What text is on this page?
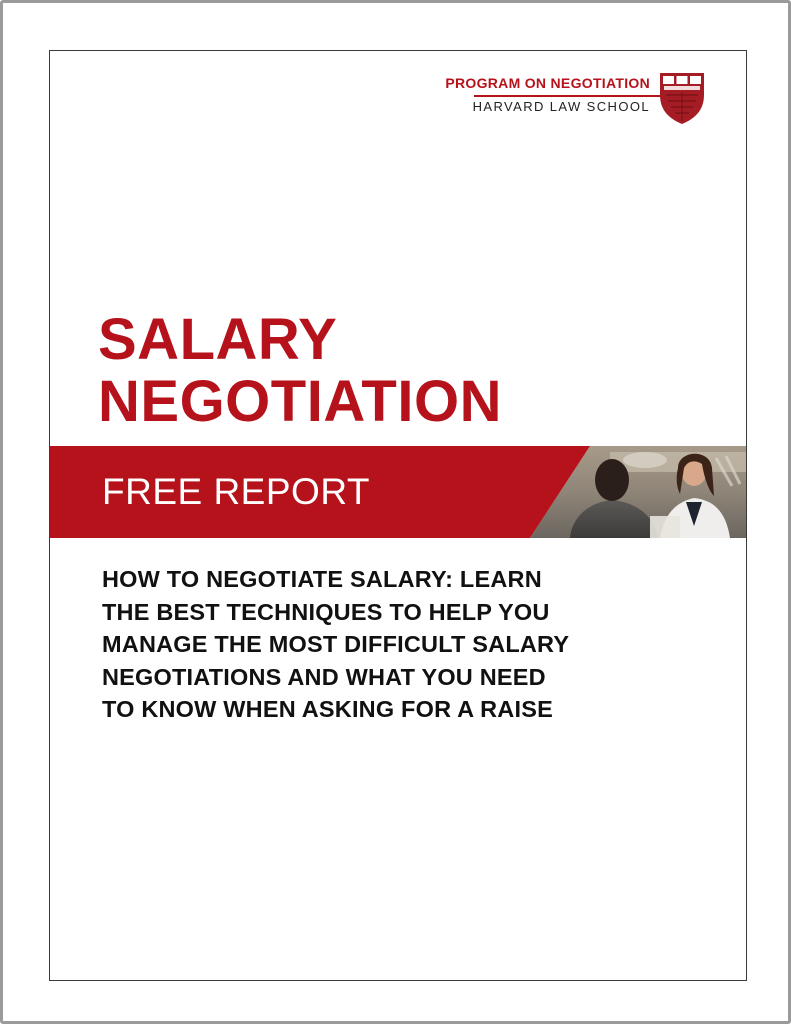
PROGRAM ON NEGOTIATION
HARVARD LAW SCHOOL
SALARY
NEGOTIATION
FREE REPORT
HOW TO NEGOTIATE SALARY: LEARN
THE BEST TECHNIQUES TO HELP YOU
MANAGE THE MOST DIFFICULT SALARY
NEGOTIATIONS AND WHAT YOU NEED
TO KNOW WHEN ASKING FOR A RAISE
